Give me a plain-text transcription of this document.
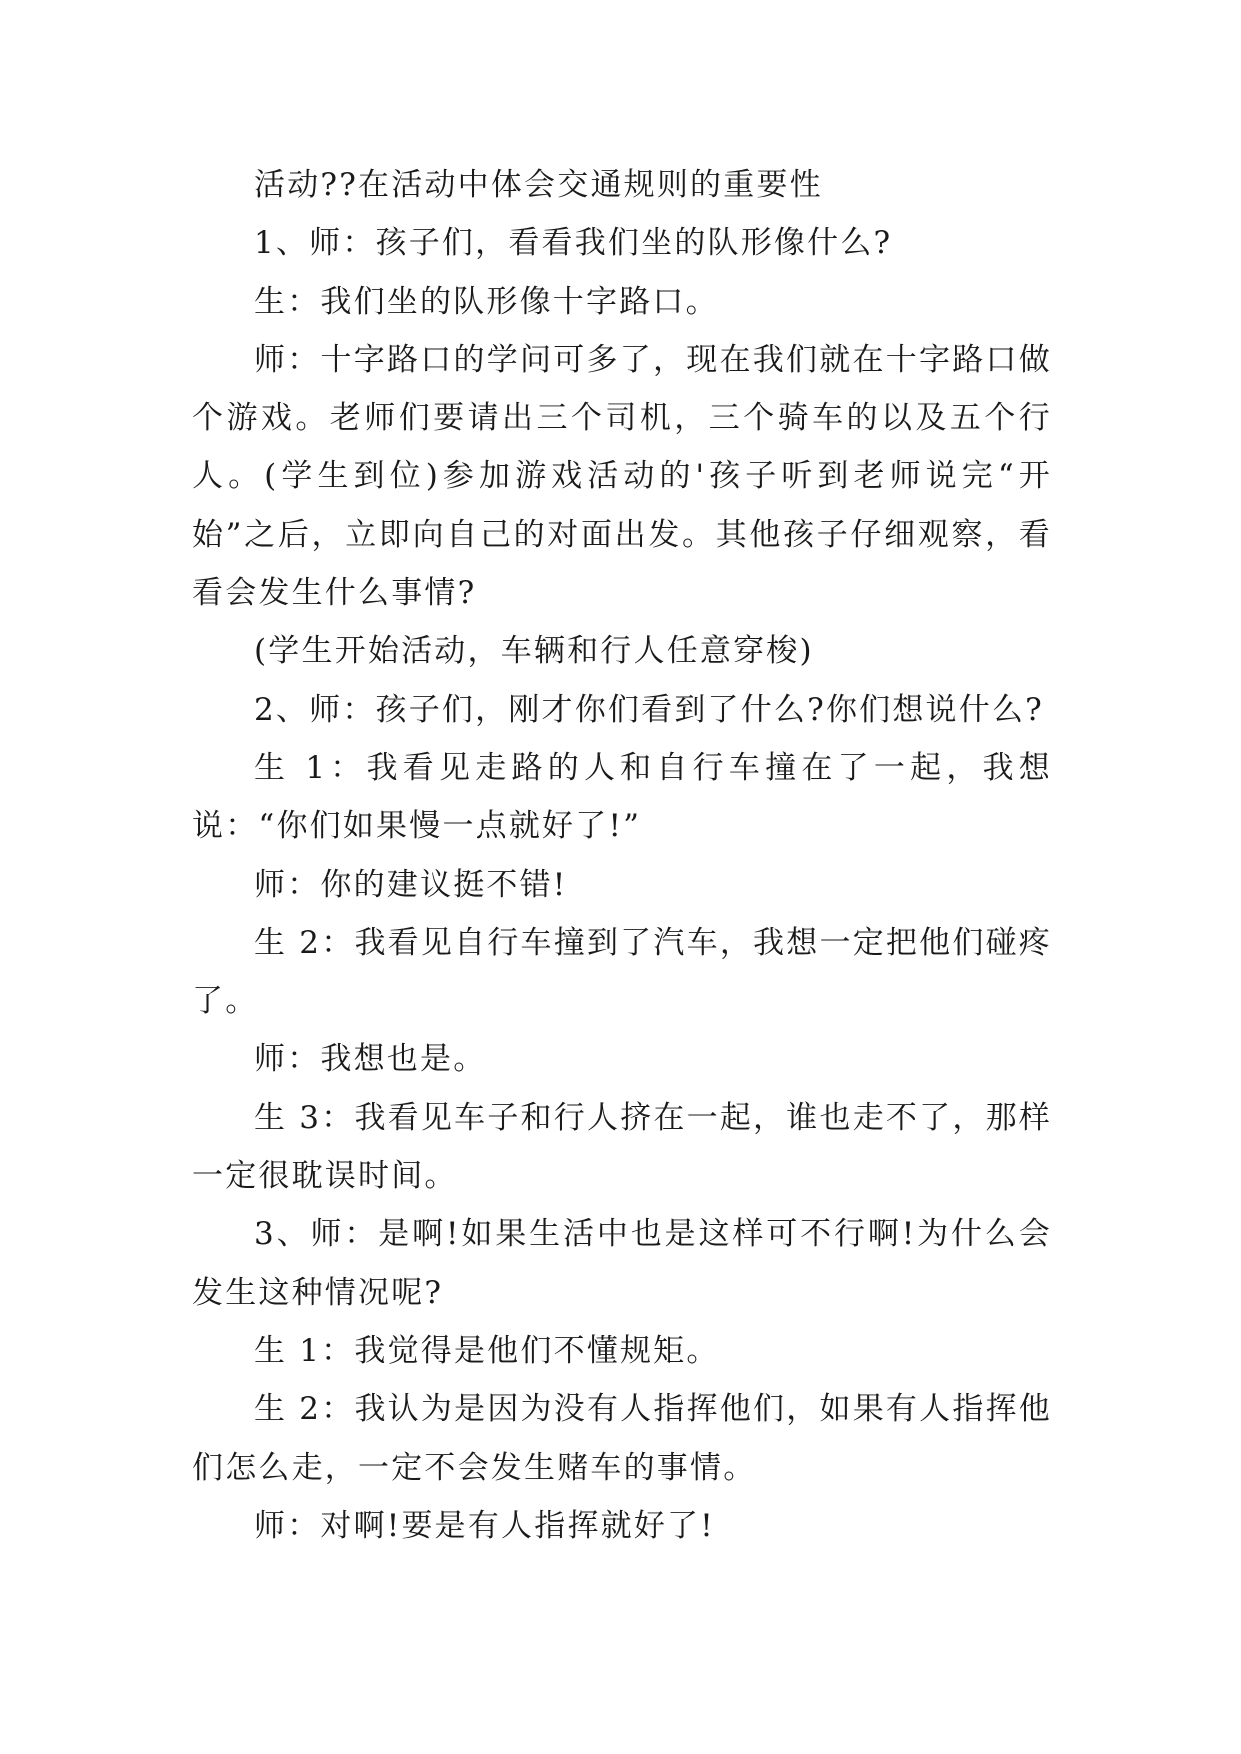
活动??在活动中体会交通规则的重要性

1、师：孩子们，看看我们坐的队形像什么?

生：我们坐的队形像十字路口。

师：十字路口的学问可多了，现在我们就在十字路口做个游戏。老师们要请出三个司机，三个骑车的以及五个行人。(学生到位)参加游戏活动的'孩子听到老师说完“开始”之后，立即向自己的对面出发。其他孩子仔细观察，看看会发生什么事情?

(学生开始活动，车辆和行人任意穿梭)

2、师：孩子们，刚才你们看到了什么?你们想说什么?

生 1：我看见走路的人和自行车撞在了一起，我想说：“你们如果慢一点就好了!”

师：你的建议挺不错!

生 2：我看见自行车撞到了汽车，我想一定把他们碰疼了。

师：我想也是。

生 3：我看见车子和行人挤在一起，谁也走不了，那样一定很耽误时间。

3、师：是啊!如果生活中也是这样可不行啊!为什么会发生这种情况呢?

生 1：我觉得是他们不懂规矩。

生 2：我认为是因为没有人指挥他们，如果有人指挥他们怎么走，一定不会发生赌车的事情。

师：对啊!要是有人指挥就好了!
